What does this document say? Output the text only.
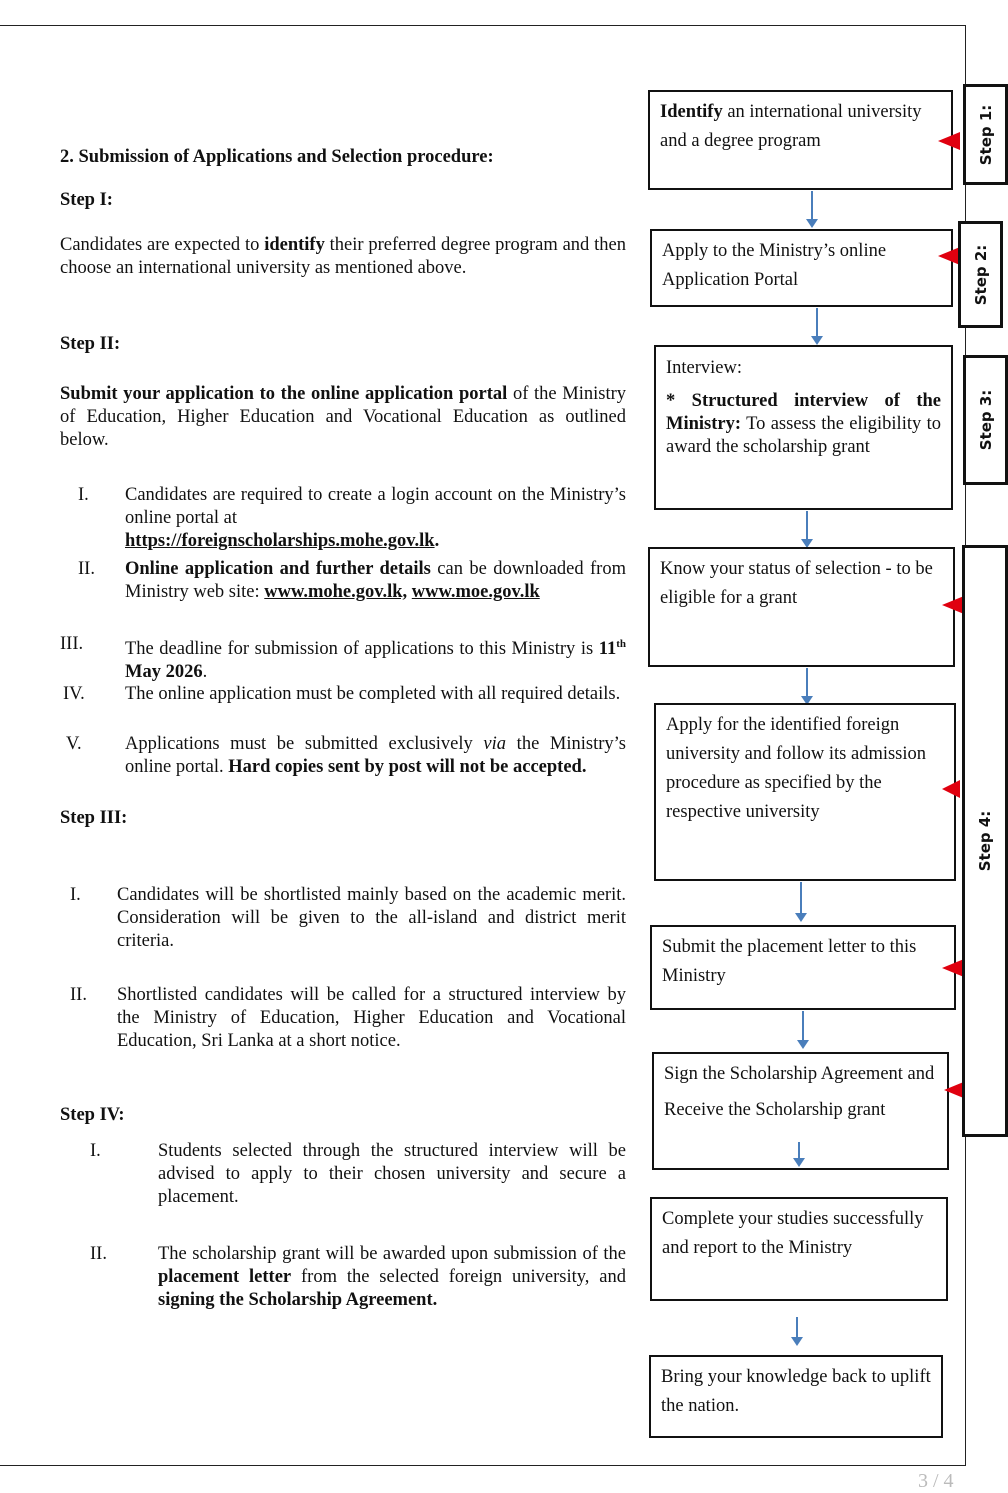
2. Submission of Applications and Selection procedure:
Step I:
Candidates are expected to identify their preferred degree program and then choose an international university as mentioned above.
Step II:
Submit your application to the online application portal of the Ministry of Education, Higher Education and Vocational Education as outlined below.
I. Candidates are required to create a login account on the Ministry’s online portal at
https://foreignscholarships.mohe.gov.lk.
II. Online application and further details can be downloaded from Ministry web site: www.mohe.gov.lk, www.moe.gov.lk
III. The deadline for submission of applications to this Ministry is 11th May 2026.
IV. The online application must be completed with all required details.
V. Applications must be submitted exclusively via the Ministry’s online portal. Hard copies sent by post will not be accepted.
Step III:
I. Candidates will be shortlisted mainly based on the academic merit. Consideration will be given to the all-island and district merit criteria.
II. Shortlisted candidates will be called for a structured interview by the Ministry of Education, Higher Education and Vocational Education, Sri Lanka at a short notice.
Step IV:
I.	Students selected through the structured interview will be advised to apply to their chosen university and secure a placement.
II.	The scholarship grant will be awarded upon submission of the placement letter from the selected foreign university, and signing the Scholarship Agreement.
Identify an international university and a degree program
Apply to the Ministry’s online Application Portal
Interview:
* Structured interview of the Ministry: To assess the eligibility to award the scholarship grant
Know your status of selection - to be eligible for a grant
Apply for the identified foreign university and follow its admission procedure as specified by the respective university
Submit the placement letter to this Ministry
Sign the Scholarship Agreement and
Receive the Scholarship grant
Complete your studies successfully and report to the Ministry
Bring your knowledge back to uplift the nation.
Step 1:
Step 2:
Step 3:
Step 4:
3 / 4
